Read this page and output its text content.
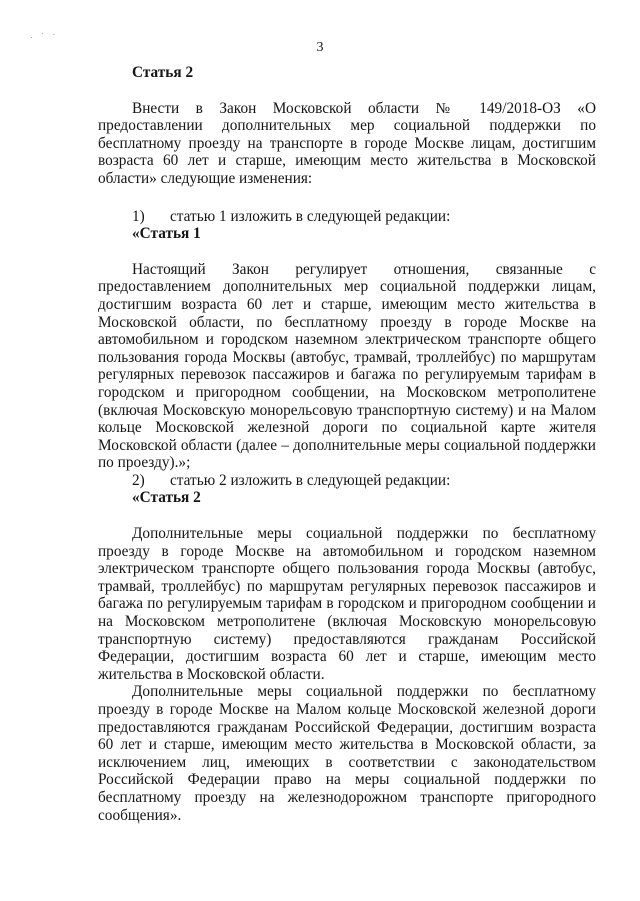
· ˙ ·
3

Статья 2

Внести в Закон Московской области № 149/2018-ОЗ «О предоставлении дополнительных мер социальной поддержки по бесплатному проезду на транспорте в городе Москве лицам, достигшим возраста 60 лет и старше, имеющим место жительства в Московской области» следующие изменения:

1)	статью 1 изложить в следующей редакции:

«Статья 1

Настоящий Закон регулирует отношения, связанные с предоставлением дополнительных мер социальной поддержки лицам, достигшим возраста 60 лет и старше, имеющим место жительства в Московской области, по бесплатному проезду в городе Москве на автомобильном и городском наземном электрическом транспорте общего пользования города Москвы (автобус, трамвай, троллейбус) по маршрутам регулярных перевозок пассажиров и багажа по регулируемым тарифам в городском и пригородном сообщении, на Московском метрополитене (включая Московскую монорельсовую транспортную систему) и на Малом кольце Московской железной дороги по социальной карте жителя Московской области (далее – дополнительные меры социальной поддержки по проезду).»;

2)	статью 2 изложить в следующей редакции:

«Статья 2

Дополнительные меры социальной поддержки по бесплатному проезду в городе Москве на автомобильном и городском наземном электрическом транспорте общего пользования города Москвы (автобус, трамвай, троллейбус) по маршрутам регулярных перевозок пассажиров и багажа по регулируемым тарифам в городском и пригородном сообщении и на Московском метрополитене (включая Московскую монорельсовую транспортную систему) предоставляются гражданам Российской Федерации, достигшим возраста 60 лет и старше, имеющим место жительства в Московской области.

Дополнительные меры социальной поддержки по бесплатному проезду в городе Москве на Малом кольце Московской железной дороги предоставляются гражданам Российской Федерации, достигшим возраста 60 лет и старше, имеющим место жительства в Московской области, за исключением лиц, имеющих в соответствии с законодательством Российской Федерации право на меры социальной поддержки по бесплатному проезду на железнодорожном транспорте пригородного сообщения».
